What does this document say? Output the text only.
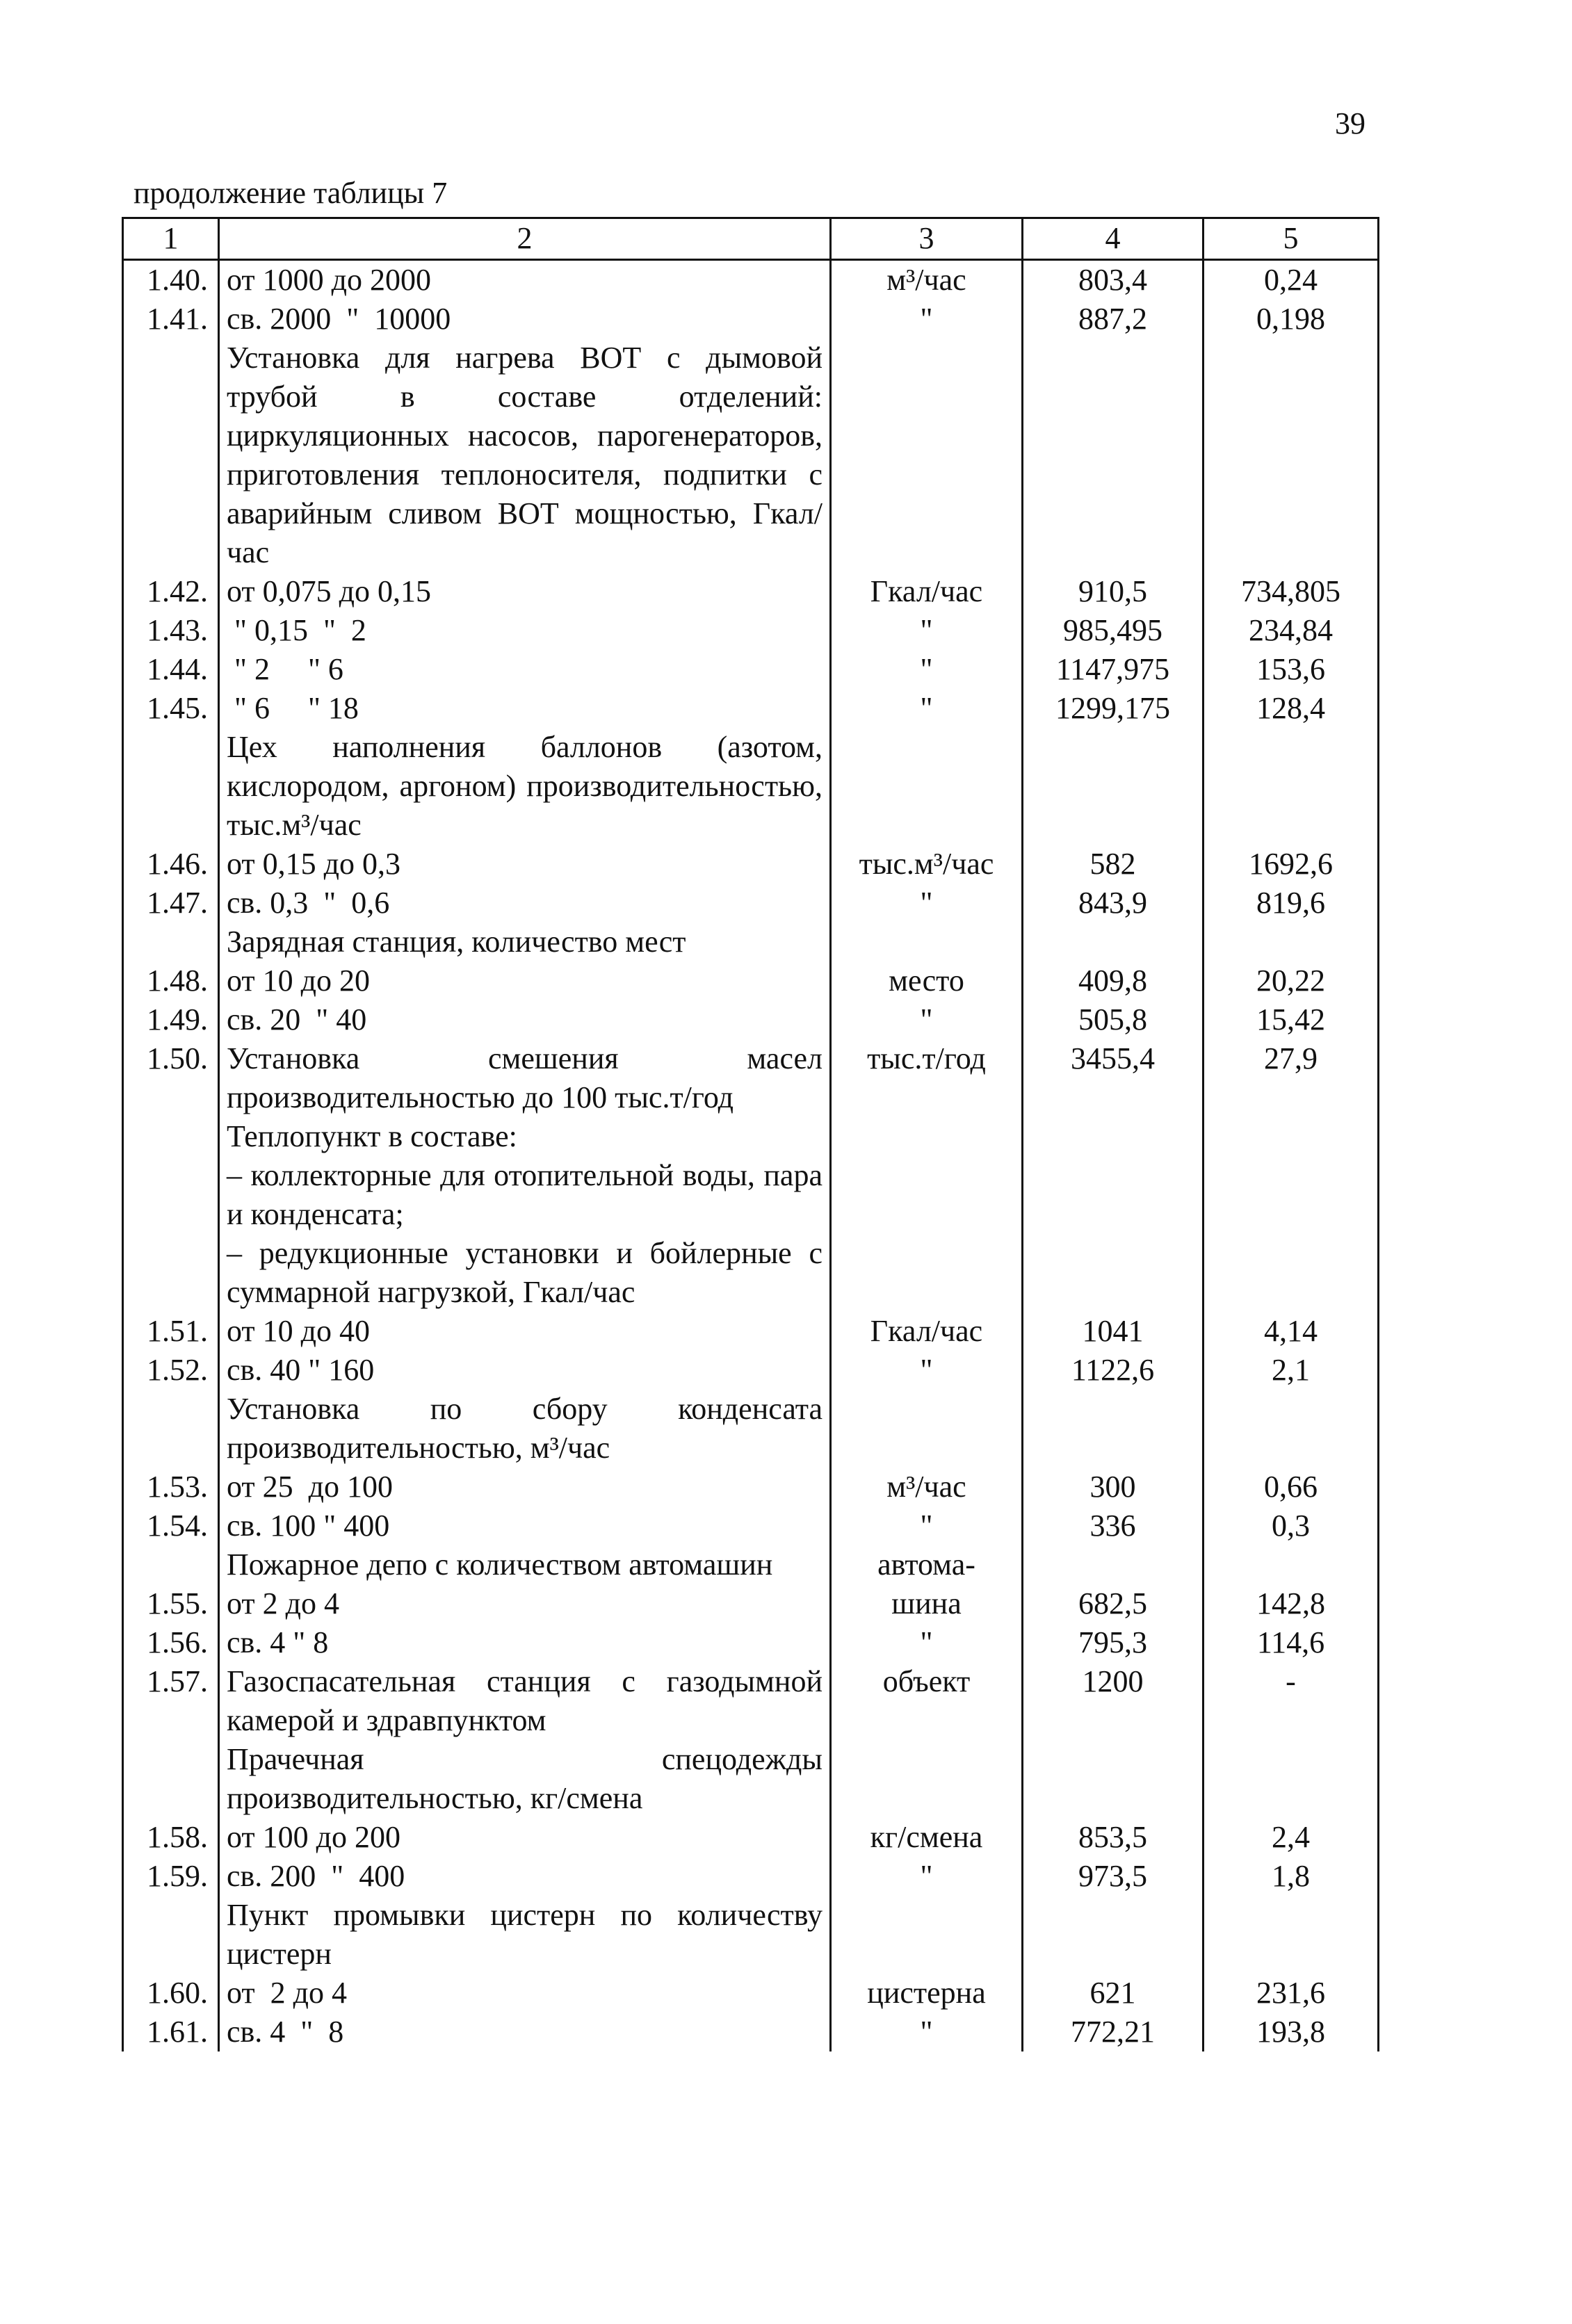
39
продолжение таблицы 7
1	2	3	4	5
1.40.	от 1000 до 2000	м³/час	803,4	0,24
1.41.	св. 2000  "  10000	"	887,2	0,198
	Установка для нагрева ВОТ с дымовой трубой в составе отделений: циркуляционных насосов, парогенераторов, приготовления теплоносителя, подпитки с аварийным сливом ВОТ мощностью, Гкал/час			
1.42.	от 0,075 до 0,15	Гкал/час	910,5	734,805
1.43.	" 0,15  "  2	"	985,495	234,84
1.44.	" 2     " 6	"	1147,975	153,6
1.45.	" 6     " 18	"	1299,175	128,4
	Цех наполнения баллонов (азотом, кислородом, аргоном) производительностью, тыс.м³/час			
1.46.	от 0,15 до 0,3	тыс.м³/час	582	1692,6
1.47.	св. 0,3  "  0,6	"	843,9	819,6
	Зарядная станция, количество мест			
1.48.	от 10 до 20	место	409,8	20,22
1.49.	св. 20  " 40	"	505,8	15,42
1.50.	Установка смешения масел производительностью до 100 тыс.т/год	тыс.т/год	3455,4	27,9
	Теплопункт в составе:			
	– коллекторные для отопительной воды, пара и конденсата;			
	– редукционные установки и бойлерные с суммарной нагрузкой, Гкал/час			
1.51.	от 10 до 40	Гкал/час	1041	4,14
1.52.	св. 40 " 160	"	1122,6	2,1
	Установка по сбору конденсата производительностью, м³/час			
1.53.	от 25  до 100	м³/час	300	0,66
1.54.	св. 100 " 400	"	336	0,3
	Пожарное депо с количеством автомашин	автома-		
1.55.	от 2 до 4	шина	682,5	142,8
1.56.	св. 4 " 8	"	795,3	114,6
1.57.	Газоспасательная станция с газодымной камерой и здравпунктом	объект	1200	-
	Прачечная спецодежды производительностью, кг/смена			
1.58.	от 100 до 200	кг/смена	853,5	2,4
1.59.	св. 200  "  400	"	973,5	1,8
	Пункт промывки цистерн по количеству цистерн			
1.60.	от  2 до 4	цистерна	621	231,6
1.61.	св. 4  "  8	"	772,21	193,8
